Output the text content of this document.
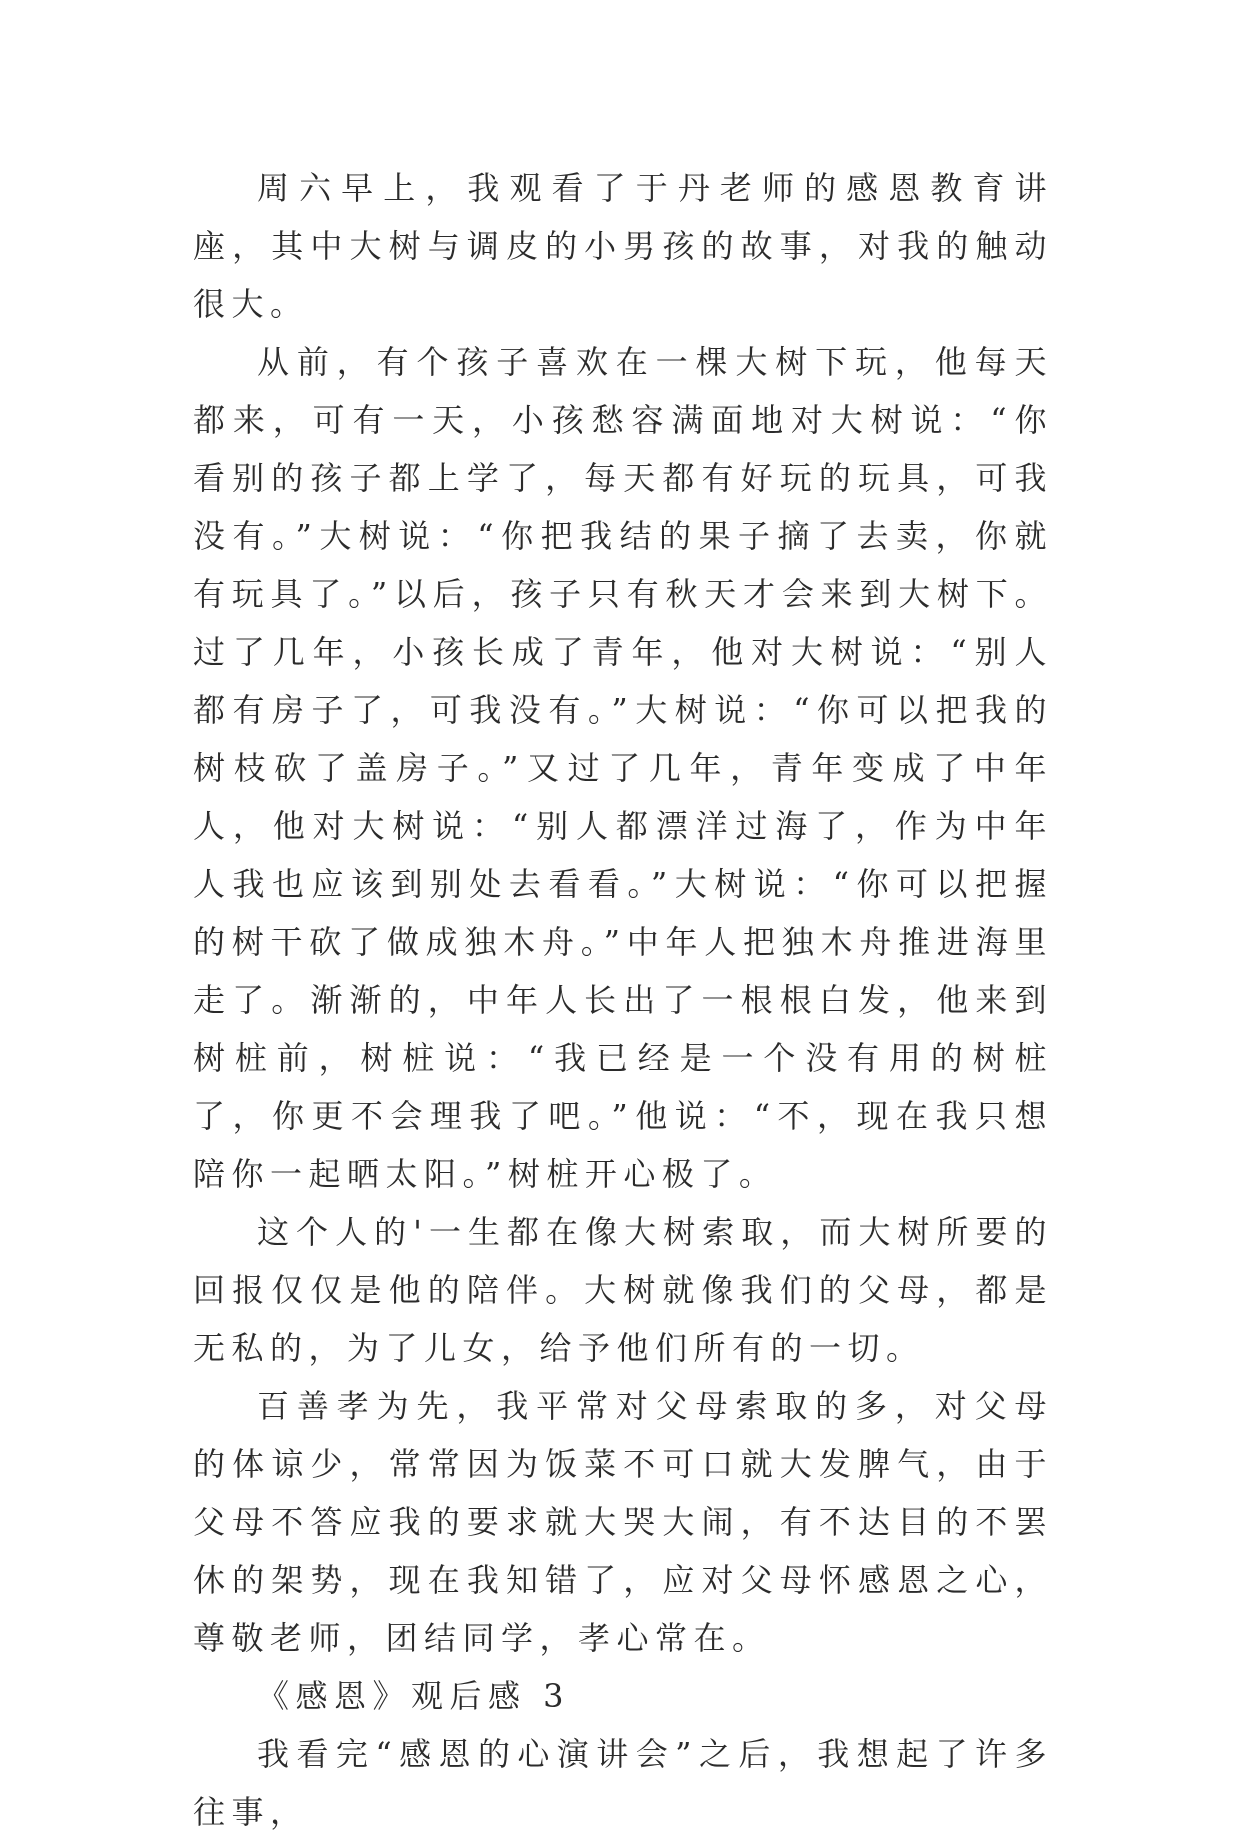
周六早上，我观看了于丹老师的感恩教育讲座，其中大树与调皮的小男孩的故事，对我的触动很大。

从前，有个孩子喜欢在一棵大树下玩，他每天都来，可有一天，小孩愁容满面地对大树说：“你看别的孩子都上学了，每天都有好玩的玩具，可我没有。”大树说：“你把我结的果子摘了去卖，你就有玩具了。”以后，孩子只有秋天才会来到大树下。过了几年，小孩长成了青年，他对大树说：“别人都有房子了，可我没有。”大树说：“你可以把我的树枝砍了盖房子。”又过了几年，青年变成了中年人，他对大树说：“别人都漂洋过海了，作为中年人我也应该到别处去看看。”大树说：“你可以把握的树干砍了做成独木舟。”中年人把独木舟推进海里走了。渐渐的，中年人长出了一根根白发，他来到树桩前，树桩说：“我已经是一个没有用的树桩了，你更不会理我了吧。”他说：“不，现在我只想陪你一起晒太阳。”树桩开心极了。

这个人的'一生都在像大树索取，而大树所要的回报仅仅是他的陪伴。大树就像我们的父母，都是无私的，为了儿女，给予他们所有的一切。

百善孝为先，我平常对父母索取的多，对父母的体谅少，常常因为饭菜不可口就大发脾气，由于父母不答应我的要求就大哭大闹，有不达目的不罢休的架势，现在我知错了，应对父母怀感恩之心，尊敬老师，团结同学，孝心常在。

《感恩》观后感 3

我看完“感恩的心演讲会”之后，我想起了许多往事，
